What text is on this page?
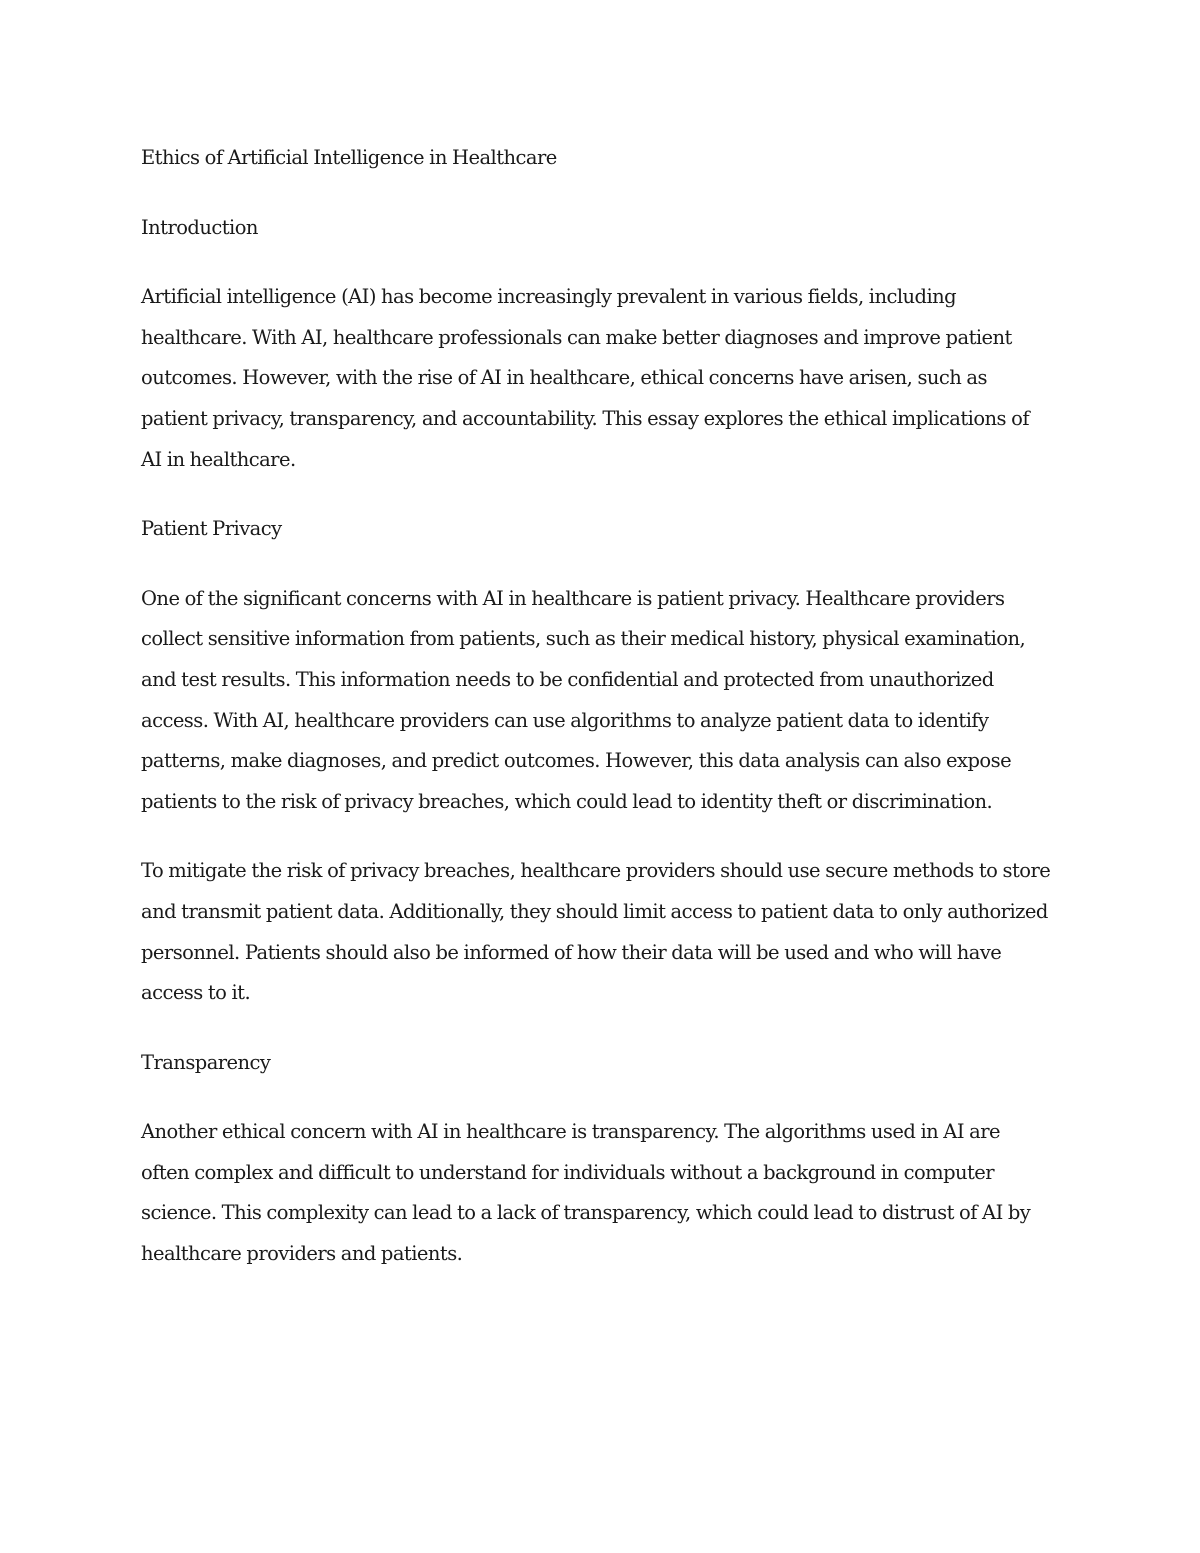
Ethics of Artificial Intelligence in Healthcare
Introduction
Artificial intelligence (AI) has become increasingly prevalent in various fields, including
healthcare. With AI, healthcare professionals can make better diagnoses and improve patient
outcomes. However, with the rise of AI in healthcare, ethical concerns have arisen, such as
patient privacy, transparency, and accountability. This essay explores the ethical implications of
AI in healthcare.
Patient Privacy
One of the significant concerns with AI in healthcare is patient privacy. Healthcare providers
collect sensitive information from patients, such as their medical history, physical examination,
and test results. This information needs to be confidential and protected from unauthorized
access. With AI, healthcare providers can use algorithms to analyze patient data to identify
patterns, make diagnoses, and predict outcomes. However, this data analysis can also expose
patients to the risk of privacy breaches, which could lead to identity theft or discrimination.
To mitigate the risk of privacy breaches, healthcare providers should use secure methods to store
and transmit patient data. Additionally, they should limit access to patient data to only authorized
personnel. Patients should also be informed of how their data will be used and who will have
access to it.
Transparency
Another ethical concern with AI in healthcare is transparency. The algorithms used in AI are
often complex and difficult to understand for individuals without a background in computer
science. This complexity can lead to a lack of transparency, which could lead to distrust of AI by
healthcare providers and patients.
